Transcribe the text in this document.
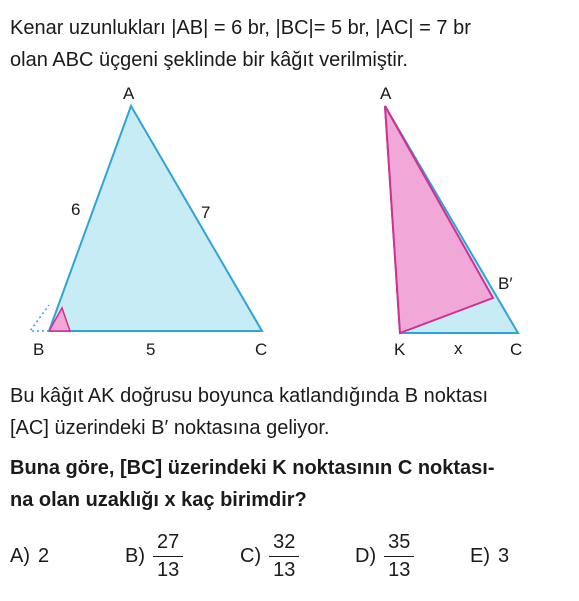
Kenar uzunlukları |AB| = 6 br, |BC|= 5 br, |AC| = 7 br
olan ABC üçgeni şeklinde bir kâğıt verilmiştir.
A
B	C
6	7
5
A
K	C
B′
x
Bu kâğıt AK doğrusu boyunca katlandığında B noktası
[AC] üzerindeki B′ noktasına geliyor.
Buna göre, [BC] üzerindeki K noktasının C noktası-
na olan uzaklığı x kaç birimdir?
A) 2	$B) \frac{27}{13}$	$C) \frac{32}{13}$	$D) \frac{35}{13}$	E) 3
